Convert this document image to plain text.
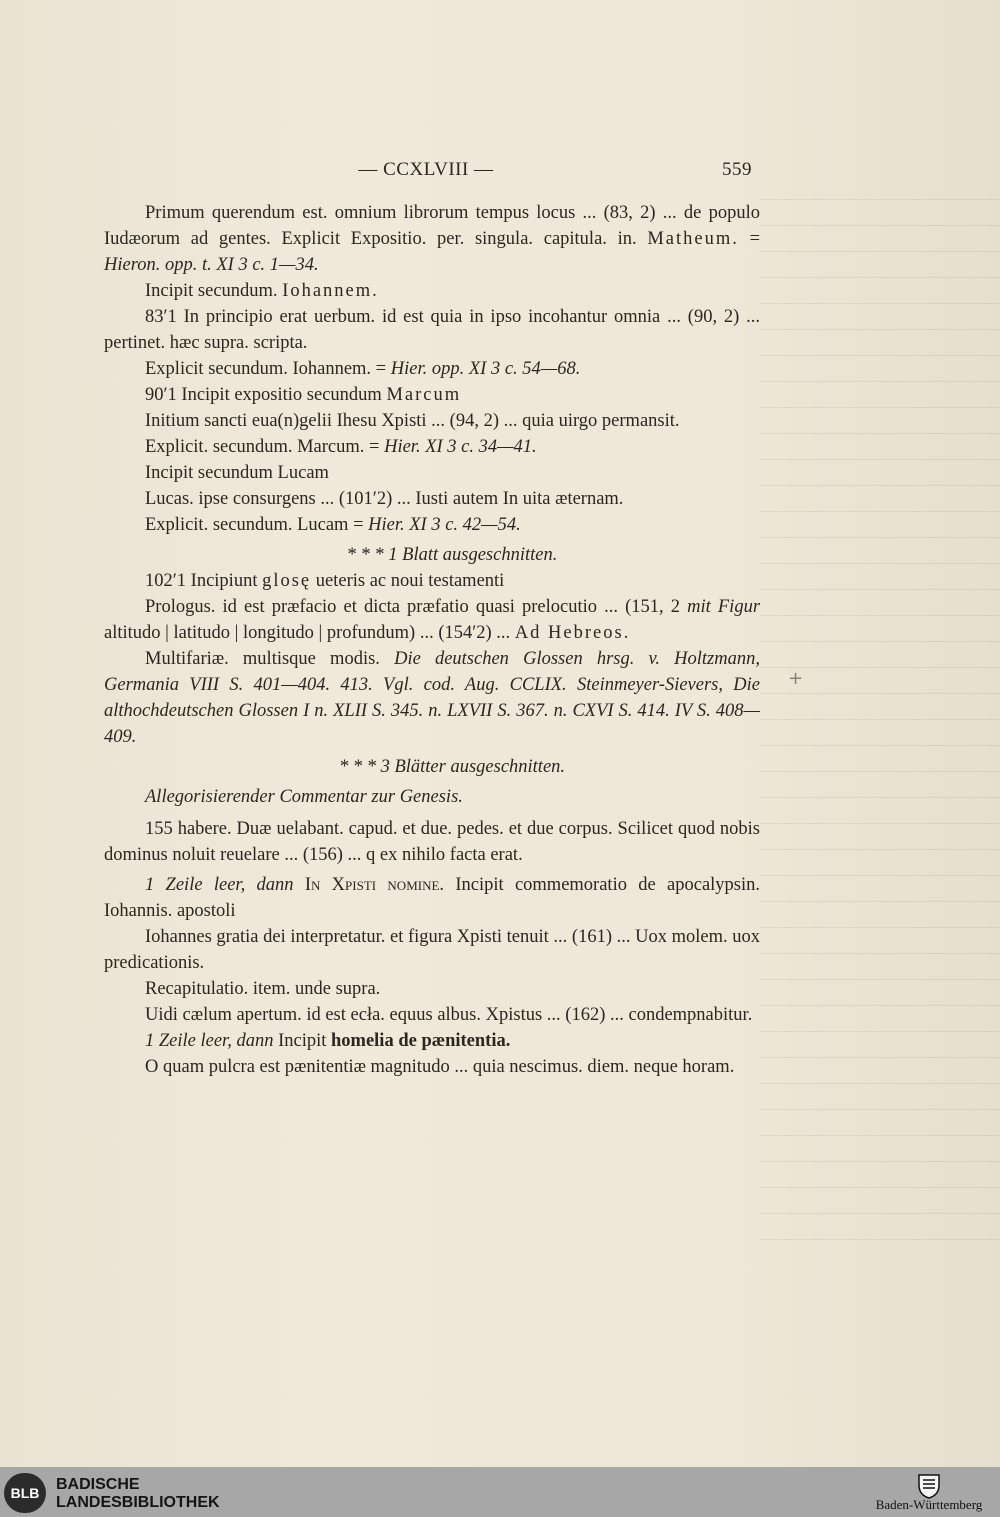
+
— CCXLVIII —	559

Primum querendum est. omnium librorum tempus locus ... (83, 2) ... de populo Iudæorum ad gentes. Explicit Expositio. per. singula. capitula. in. Matheum. = Hieron. opp. t. XI 3 c. 1—34.

Incipit secundum. Iohannem.

83′1 In principio erat uerbum. id est quia in ipso incohantur omnia ... (90, 2) ... pertinet. hæc supra. scripta.

Explicit secundum. Iohannem. = Hier. opp. XI 3 c. 54—68.

90′1 Incipit expositio secundum Marcum

Initium sancti eua(n)gelii Ihesu Xpisti ... (94, 2) ... quia uirgo permansit.

Explicit. secundum. Marcum. = Hier. XI 3 c. 34—41.

Incipit secundum Lucam

Lucas. ipse consurgens ... (101′2) ... Iusti autem In uita æternam.

Explicit. secundum. Lucam = Hier. XI 3 c. 42—54.

* * * 1 Blatt ausgeschnitten.

102′1 Incipiunt glosę ueteris ac noui testamenti

Prologus. id est præfacio et dicta præfatio quasi prelocutio ... (151, 2 mit Figur altitudo | latitudo | longitudo | profundum) ... (154′2) ... Ad Hebreos.

Multifariæ. multisque modis. Die deutschen Glossen hrsg. v. Holtzmann, Germania VIII S. 401—404. 413. Vgl. cod. Aug. CCLIX. Steinmeyer-Sievers, Die althochdeutschen Glossen I n. XLII S. 345. n. LXVII S. 367. n. CXVI S. 414. IV S. 408—409.

* * * 3 Blätter ausgeschnitten.

Allegorisierender Commentar zur Genesis.

155 habere. Duæ uelabant. capud. et due. pedes. et due corpus. Scilicet quod nobis dominus noluit reuelare ... (156) ... q ex nihilo facta erat.

1 Zeile leer, dann In Xpisti nomine. Incipit commemoratio de apocalypsin. Iohannis. apostoli

Iohannes gratia dei interpretatur. et figura Xpisti tenuit ... (161) ... Uox molem. uox predicationis.

Recapitulatio. item. unde supra.

Uidi cælum apertum. id est ecła. equus albus. Xpistus ... (162) ... condempnabitur.

1 Zeile leer, dann Incipit homelia de pænitentia.

O quam pulcra est pænitentiæ magnitudo ... quia nescimus. diem. neque horam.

BLB	BADISCHE
LANDESBIBLIOTHEK	Baden-Württemberg
